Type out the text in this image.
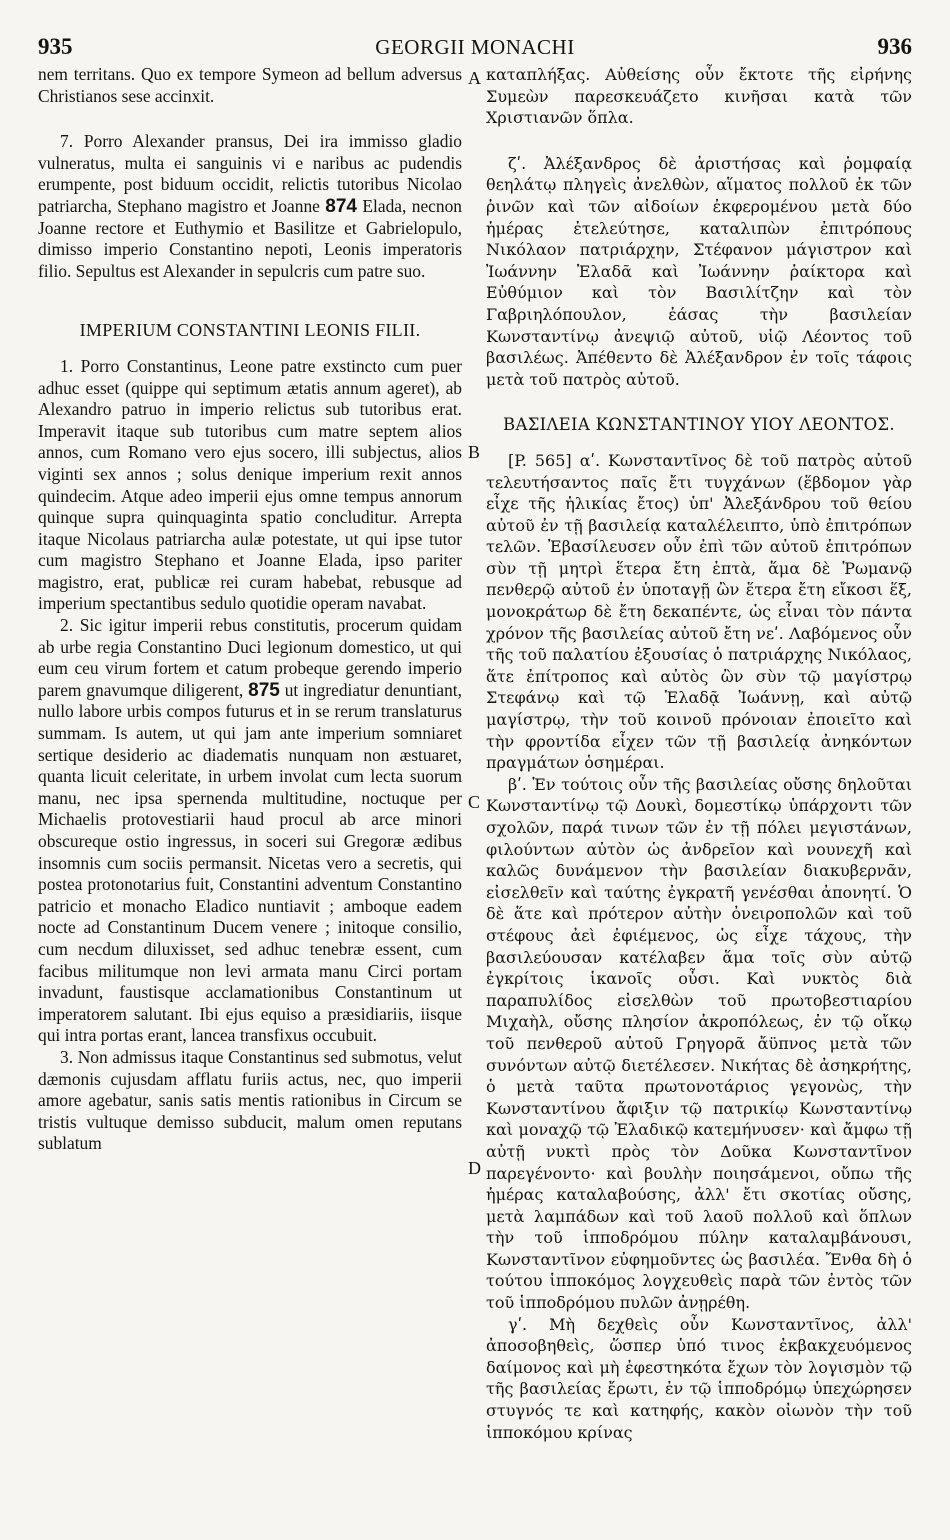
935	GEORGII MONACHI	936

nem territans. Quo ex tempore Symeon ad bellum adversus Christianos sese accinxit.

7. Porro Alexander pransus, Dei ira immisso gladio vulneratus, multa ei sanguinis vi e naribus ac pudendis erumpente, post biduum occidit, relictis tutoribus Nicolao patriarcha, Stephano magistro et Joanne 874 Elada, necnon Joanne rectore et Euthymio et Basilitze et Gabrielopulo, dimisso imperio Constantino nepoti, Leonis imperatoris filio. Sepultus est Alexander in sepulcris cum patre suo.

IMPERIUM CONSTANTINI LEONIS FILII.

1. Porro Constantinus, Leone patre exstincto cum puer adhuc esset (quippe qui septimum ætatis annum ageret), ab Alexandro patruo in imperio relictus sub tutoribus erat. Imperavit itaque sub tutoribus cum matre septem alios annos, cum Romano vero ejus socero, illi subjectus, alios viginti sex annos ; solus denique imperium rexit annos quindecim. Atque adeo imperii ejus omne tempus annorum quinque supra quinquaginta spatio concluditur. Arrepta itaque Nicolaus patriarcha aulæ potestate, ut qui ipse tutor cum magistro Stephano et Joanne Elada, ipso pariter magistro, erat, publicæ rei curam habebat, rebusque ad imperium spectantibus sedulo quotidie operam navabat.

2. Sic igitur imperii rebus constitutis, procerum quidam ab urbe regia Constantino Duci legionum domestico, ut qui eum ceu virum fortem et catum probeque gerendo imperio parem gnavumque diligerent, 875 ut ingrediatur denuntiant, nullo labore urbis compos futurus et in se rerum translaturus summam. Is autem, ut qui jam ante imperium somniaret sertique desiderio ac diadematis nunquam non æstuaret, quanta licuit celeritate, in urbem involat cum lecta suorum manu, nec ipsa spernenda multitudine, noctuque per Michaelis protovestiarii haud procul ab arce minori obscureque ostio ingressus, in soceri sui Gregoræ ædibus insomnis cum sociis permansit. Nicetas vero a secretis, qui postea protonotarius fuit, Constantini adventum Constantino patricio et monacho Eladico nuntiavit ; amboque eadem nocte ad Constantinum Ducem venere ; initoque consilio, cum necdum diluxisset, sed adhuc tenebræ essent, cum facibus militumque non levi armata manu Circi portam invadunt, faustisque acclamationibus Constantinum ut imperatorem salutant. Ibi ejus equiso a præsidiariis, iisque qui intra portas erant, lancea transfixus occubuit.

3. Non admissus itaque Constantinus sed submotus, velut dæmonis cujusdam afflatu furiis actus, nec, quo imperii amore agebatur, sanis satis mentis rationibus in Circum se tristis vultuque demisso subducit, malum omen reputans sublatum

A
B
C
D

καταπλήξας. Αὐθείσης οὖν ἔκτοτε τῆς εἰρήνης Συμεὼν παρεσκευάζετο κινῆσαι κατὰ τῶν Χριστιανῶν ὅπλα.

ζʹ. Ἀλέξανδρος δὲ ἀριστήσας καὶ ῥομφαίᾳ θεηλάτῳ πληγεὶς ἀνελθὼν, αἵματος πολλοῦ ἐκ τῶν ῥινῶν καὶ τῶν αἰδοίων ἐκφερομένου μετὰ δύο ἡμέρας ἐτελεύτησε, καταλιπὼν ἐπιτρόπους Νικόλαον πατριάρχην, Στέφανον μάγιστρον καὶ Ἰωάννην Ἐλαδᾶ καὶ Ἰωάννην ῥαίκτορα καὶ Εὐθύμιον καὶ τὸν Βασιλίτζην καὶ τὸν Γαβριηλόπουλον, ἐάσας τὴν βασιλείαν Κωνσταντίνῳ ἀνεψιῷ αὐτοῦ, υἱῷ Λέοντος τοῦ βασιλέως. Ἀπέθεντο δὲ Ἀλέξανδρον ἐν τοῖς τάφοις μετὰ τοῦ πατρὸς αὐτοῦ.

ΒΑΣΙΛΕΙΑ ΚΩΝΣΤΑΝΤΙΝΟΥ ΥΙΟΥ ΛΕΟΝΤΟΣ.

[P. 565] αʹ. Κωνσταντῖνος δὲ τοῦ πατρὸς αὐτοῦ τελευτήσαντος παῖς ἔτι τυγχάνων (ἕβδομον γὰρ εἶχε τῆς ἡλικίας ἔτος) ὑπ' Ἀλεξάνδρου τοῦ θείου αὐτοῦ ἐν τῇ βασιλείᾳ καταλέλειπτο, ὑπὸ ἐπιτρόπων τελῶν. Ἐβασίλευσεν οὖν ἐπὶ τῶν αὐτοῦ ἐπιτρόπων σὺν τῇ μητρὶ ἕτερα ἔτη ἑπτὰ, ἅμα δὲ Ῥωμανῷ πενθερῷ αὐτοῦ ἐν ὑποταγῇ ὢν ἕτερα ἔτη εἴκοσι ἕξ, μονοκράτωρ δὲ ἔτη δεκαπέντε, ὡς εἶναι τὸν πάντα χρόνον τῆς βασιλείας αὐτοῦ ἔτη νεʹ. Λαβόμενος οὖν τῆς τοῦ παλατίου ἐξουσίας ὁ πατριάρχης Νικόλαος, ἅτε ἐπίτροπος καὶ αὐτὸς ὢν σὺν τῷ μαγίστρῳ Στεφάνῳ καὶ τῷ Ἐλαδᾷ Ἰωάννῃ, καὶ αὐτῷ μαγίστρῳ, τὴν τοῦ κοινοῦ πρόνοιαν ἐποιεῖτο καὶ τὴν φροντίδα εἶχεν τῶν τῇ βασιλείᾳ ἀνηκόντων πραγμάτων ὁσημέραι.

βʹ. Ἐν τούτοις οὖν τῆς βασιλείας οὔσης δηλοῦται Κωνσταντίνῳ τῷ Δουκὶ, δομεστίκῳ ὑπάρχοντι τῶν σχολῶν, παρά τινων τῶν ἐν τῇ πόλει μεγιστάνων, φιλούντων αὐτὸν ὡς ἀνδρεῖον καὶ νουνεχῆ καὶ καλῶς δυνάμενον τὴν βασιλείαν διακυβερνᾶν, εἰσελθεῖν καὶ ταύτης ἐγκρατῆ γενέσθαι ἀπονητί. Ὁ δὲ ἅτε καὶ πρότερον αὐτὴν ὀνειροπολῶν καὶ τοῦ στέφους ἀεὶ ἐφιέμενος, ὡς εἶχε τάχους, τὴν βασιλεύουσαν κατέλαβεν ἅμα τοῖς σὺν αὐτῷ ἐγκρίτοις ἱκανοῖς οὖσι. Καὶ νυκτὸς διὰ παραπυλίδος εἰσελθὼν τοῦ πρωτοβεστιαρίου Μιχαὴλ, οὔσης πλησίον ἀκροπόλεως, ἐν τῷ οἴκῳ τοῦ πενθεροῦ αὐτοῦ Γρηγορᾶ ἄϋπνος μετὰ τῶν συνόντων αὐτῷ διετέλεσεν. Νικήτας δὲ ἀσηκρήτης, ὁ μετὰ ταῦτα πρωτονοτάριος γεγονὼς, τὴν Κωνσταντίνου ἄφιξιν τῷ πατρικίῳ Κωνσταντίνῳ καὶ μοναχῷ τῷ Ἐλαδικῷ κατεμήνυσεν· καὶ ἄμφω τῇ αὐτῇ νυκτὶ πρὸς τὸν Δοῦκα Κωνσταντῖνον παρεγένοντο· καὶ βουλὴν ποιησάμενοι, οὔπω τῆς ἡμέρας καταλαβούσης, ἀλλ' ἔτι σκοτίας οὔσης, μετὰ λαμπάδων καὶ τοῦ λαοῦ πολλοῦ καὶ ὅπλων τὴν τοῦ ἱπποδρόμου πύλην καταλαμβάνουσι, Κωνσταντῖνον εὐφημοῦντες ὡς βασιλέα. Ἔνθα δὴ ὁ τούτου ἱπποκόμος λογχευθεὶς παρὰ τῶν ἐντὸς τῶν τοῦ ἱπποδρόμου πυλῶν ἀνῃρέθη.

γʹ. Μὴ δεχθεὶς οὖν Κωνσταντῖνος, ἀλλ' ἀποσοβηθεὶς, ὥσπερ ὑπό τινος ἐκβακχευόμενος δαίμονος καὶ μὴ ἐφεστηκότα ἔχων τὸν λογισμὸν τῷ τῆς βασιλείας ἔρωτι, ἐν τῷ ἱπποδρόμῳ ὑπεχώρησεν στυγνός τε καὶ κατηφής, κακὸν οἰωνὸν τὴν τοῦ ἱπποκόμου κρίνας
